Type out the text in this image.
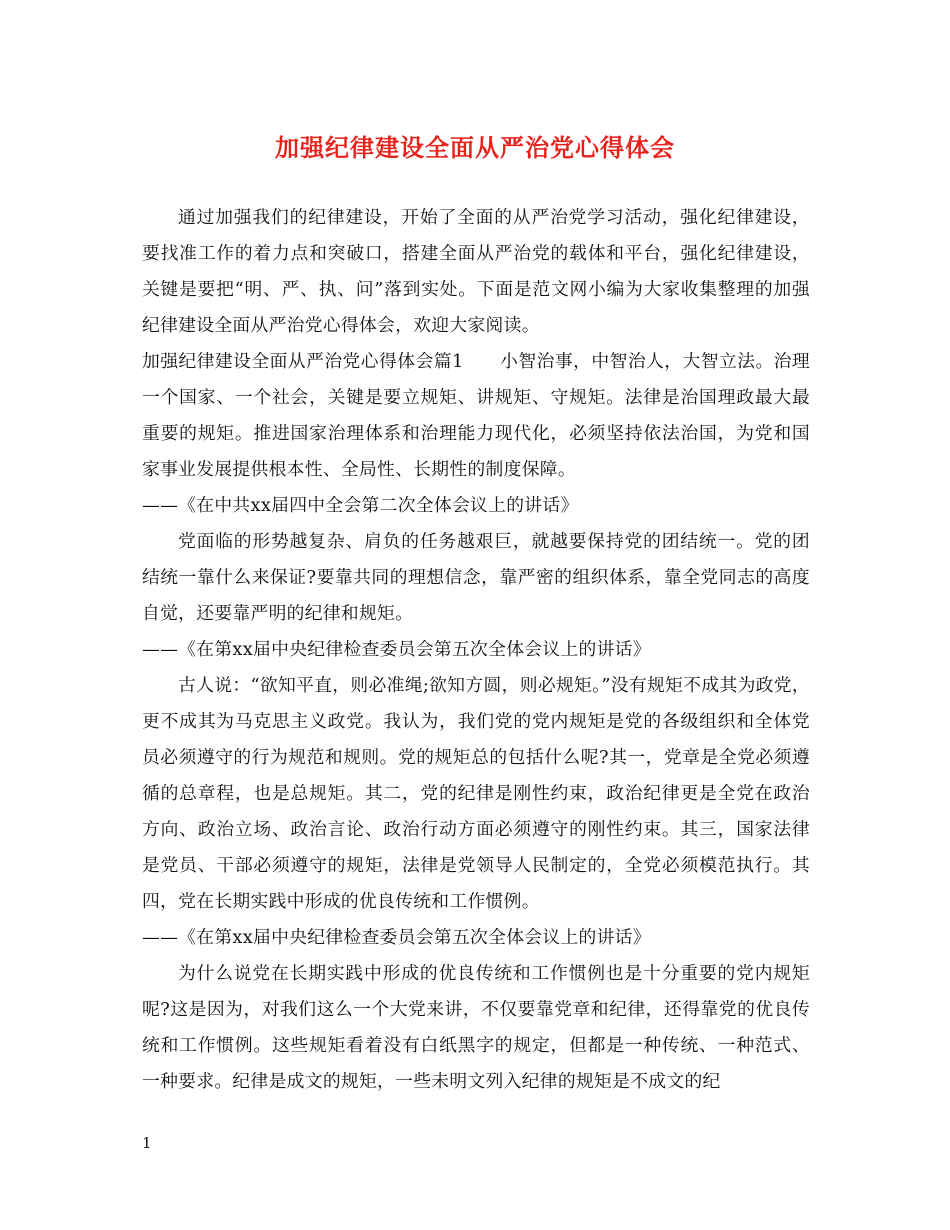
加强纪律建设全面从严治党心得体会

通过加强我们的纪律建设，开始了全面的从严治党学习活动，强化纪律建设，要找准工作的着力点和突破口，搭建全面从严治党的载体和平台，强化纪律建设，关键是要把“明、严、执、问”落到实处。下面是范文网小编为大家收集整理的加强纪律建设全面从严治党心得体会，欢迎大家阅读。

加强纪律建设全面从严治党心得体会篇1　　小智治事，中智治人，大智立法。治理一个国家、一个社会，关键是要立规矩、讲规矩、守规矩。法律是治国理政最大最重要的规矩。推进国家治理体系和治理能力现代化，必须坚持依法治国，为党和国家事业发展提供根本性、全局性、长期性的制度保障。

——《在中共xx届四中全会第二次全体会议上的讲话》

党面临的形势越复杂、肩负的任务越艰巨，就越要保持党的团结统一。党的团结统一靠什么来保证?要靠共同的理想信念，靠严密的组织体系，靠全党同志的高度自觉，还要靠严明的纪律和规矩。

——《在第xx届中央纪律检查委员会第五次全体会议上的讲话》

古人说：“欲知平直，则必准绳;欲知方圆，则必规矩。”没有规矩不成其为政党，更不成其为马克思主义政党。我认为，我们党的党内规矩是党的各级组织和全体党员必须遵守的行为规范和规则。党的规矩总的包括什么呢?其一，党章是全党必须遵循的总章程，也是总规矩。其二，党的纪律是刚性约束，政治纪律更是全党在政治方向、政治立场、政治言论、政治行动方面必须遵守的刚性约束。其三，国家法律是党员、干部必须遵守的规矩，法律是党领导人民制定的，全党必须模范执行。其四，党在长期实践中形成的优良传统和工作惯例。

——《在第xx届中央纪律检查委员会第五次全体会议上的讲话》

为什么说党在长期实践中形成的优良传统和工作惯例也是十分重要的党内规矩呢?这是因为，对我们这么一个大党来讲，不仅要靠党章和纪律，还得靠党的优良传统和工作惯例。这些规矩看着没有白纸黑字的规定，但都是一种传统、一种范式、一种要求。纪律是成文的规矩，一些未明文列入纪律的规矩是不成文的纪

1
